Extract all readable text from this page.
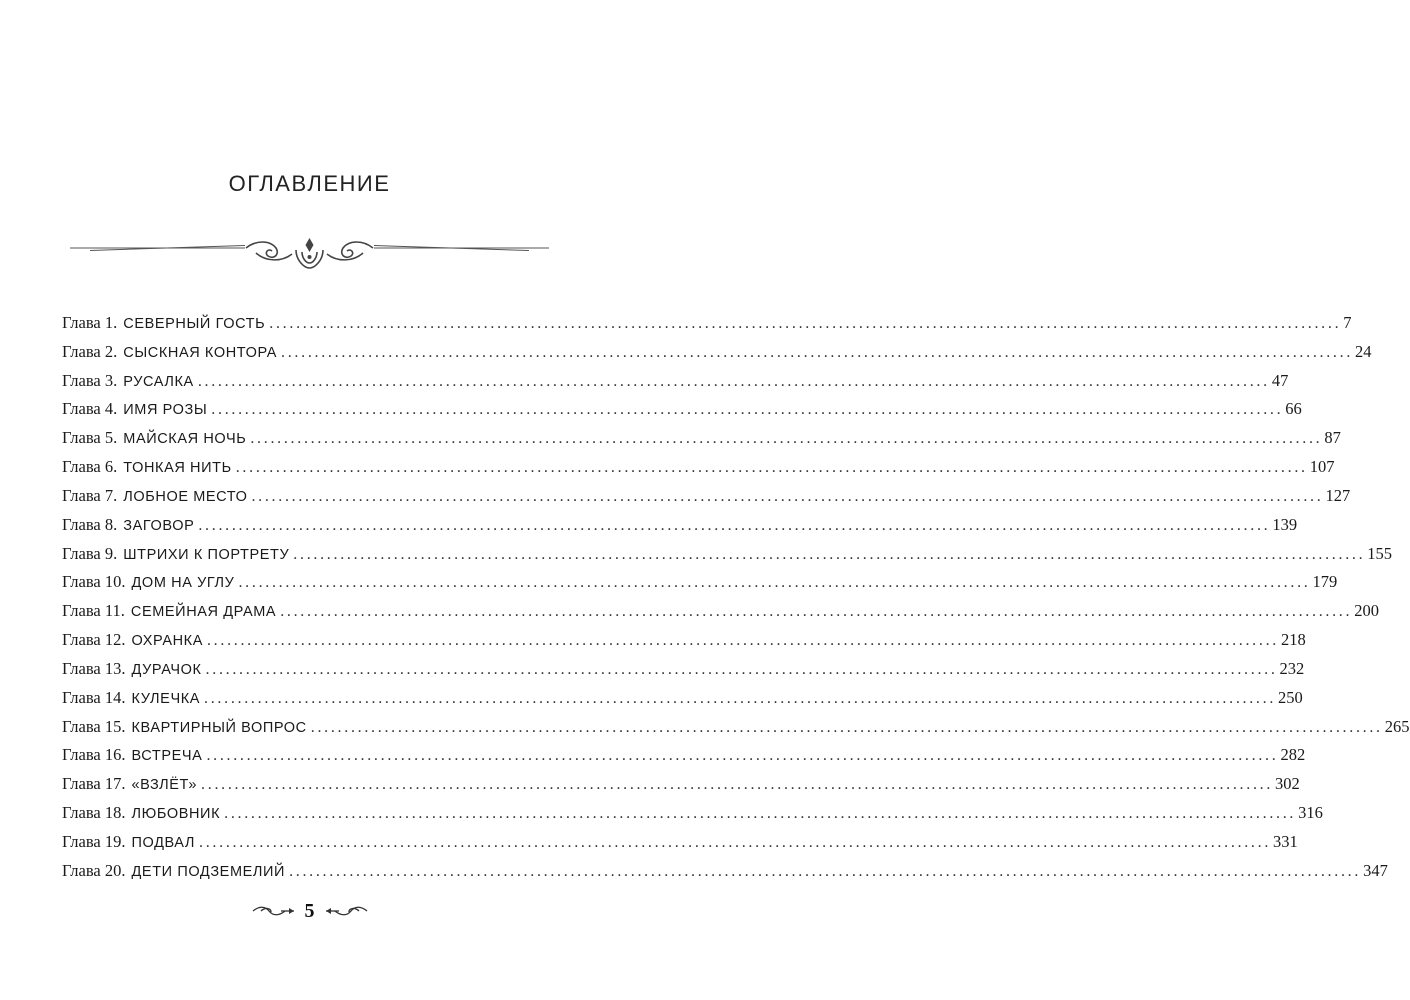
ОГЛАВЛЕНИЕ
Глава 1. СЕВЕРНЫЙ ГОСТЬ ................................................................................................................................................................ 7
Глава 2. СЫСКНАЯ КОНТОРА ................................................................................................................................................................ 24
Глава 3. РУСАЛКА ................................................................................................................................................................ 47
Глава 4. ИМЯ РОЗЫ ................................................................................................................................................................ 66
Глава 5. МАЙСКАЯ НОЧЬ ................................................................................................................................................................ 87
Глава 6. ТОНКАЯ НИТЬ ................................................................................................................................................................ 107
Глава 7. ЛОБНОЕ МЕСТО ................................................................................................................................................................ 127
Глава 8. ЗАГОВОР ................................................................................................................................................................ 139
Глава 9. ШТРИХИ К ПОРТРЕТУ ................................................................................................................................................................ 155
Глава 10. ДОМ НА УГЛУ ................................................................................................................................................................ 179
Глава 11. СЕМЕЙНАЯ ДРАМА ................................................................................................................................................................ 200
Глава 12. ОХРАНКА ................................................................................................................................................................ 218
Глава 13. ДУРАЧОК ................................................................................................................................................................ 232
Глава 14. КУЛЕЧКА ................................................................................................................................................................ 250
Глава 15. КВАРТИРНЫЙ ВОПРОС ................................................................................................................................................................ 265
Глава 16. ВСТРЕЧА ................................................................................................................................................................ 282
Глава 17. «ВЗЛЁТ» ................................................................................................................................................................ 302
Глава 18. ЛЮБОВНИК ................................................................................................................................................................ 316
Глава 19. ПОДВАЛ ................................................................................................................................................................ 331
Глава 20. ДЕТИ ПОДЗЕМЕЛИЙ ................................................................................................................................................................ 347
5
